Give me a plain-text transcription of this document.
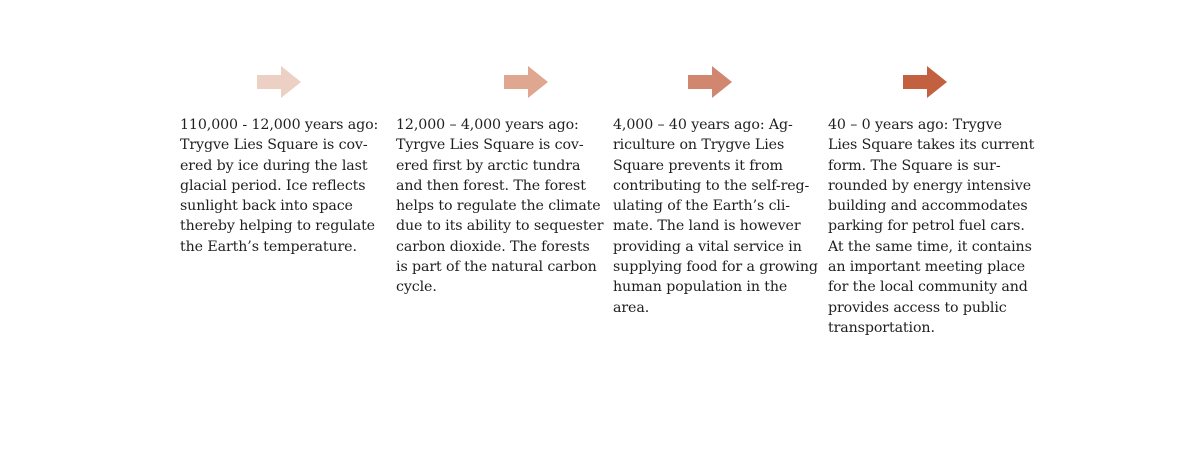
110,000 - 12,000 years ago:
Trygve Lies Square is cov-
ered by ice during the last
glacial period. Ice reflects
sunlight back into space
thereby helping to regulate
the Earth’s temperature.

12,000 – 4,000 years ago:
Tyrgve Lies Square is cov-
ered first by arctic tundra
and then forest. The forest
helps to regulate the climate
due to its ability to sequester
carbon dioxide. The forests
is part of the natural carbon
cycle.

4,000 – 40 years ago: Ag-
riculture on Trygve Lies
Square prevents it from
contributing to the self-reg-
ulating of the Earth’s cli-
mate. The land is however
providing a vital service in
supplying food for a growing
human population in the
area.

40 – 0 years ago: Trygve
Lies Square takes its current
form. The Square is sur-
rounded by energy intensive
building and accommodates
parking for petrol fuel cars.
At the same time, it contains
an important meeting place
for the local community and
provides access to public
transportation.
